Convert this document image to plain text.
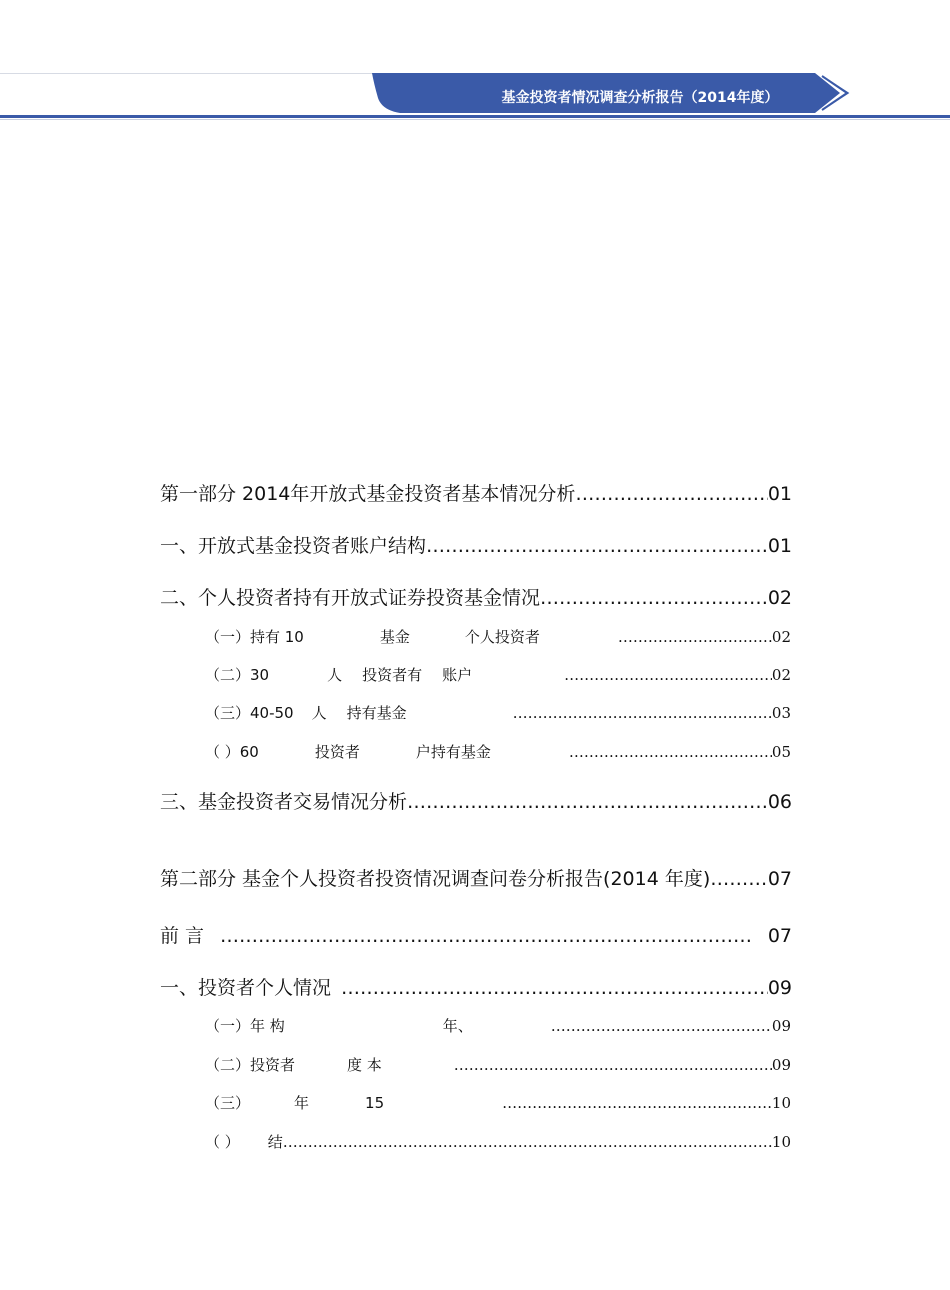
基金投资者情况调查分析报告（2014年度）
第一部分 2014年开放式基金投资者基本情况分析 …………………………………………………………………………………………………………………………………………	01
一、开放式基金投资者账户结构 …………………………………………………………………………………………………………………………………………	01
二、个人投资者持有开放式证券投资基金情况 …………………………………………………………………………………………………………………………………………	02
（一）持有 10	基金	个人投资者 …………………………………………………………………………………………………………………………………………	02
（二）30	人 投资者有 账户 …………………………………………………………………………………………………………………………………………	02
（三）40-50 人 持有基金 …………………………………………………………………………………………………………………………………………	03
（ ）60	投资者	户持有基金 …………………………………………………………………………………………………………………………………………	05
三、基金投资者交易情况分析 …………………………………………………………………………………………………………………………………………	06
第二部分 基金个人投资者投资情况调查问卷分析报告(2014 年度) …………………………………………………………………………………………………………………………………………	07
前 言 …………………………………………………………………………………………………………………………………………	07
一、投资者个人情况 …………………………………………………………………………………………………………………………………………	09
（一）年 构	年、 …………………………………………………………………………………………………………………………………………	09
（二）投资者	度 本 …………………………………………………………………………………………………………………………………………	09
（三）	年	15 …………………………………………………………………………………………………………………………………………	10
（ ） 结 …………………………………………………………………………………………………………………………………………	10
